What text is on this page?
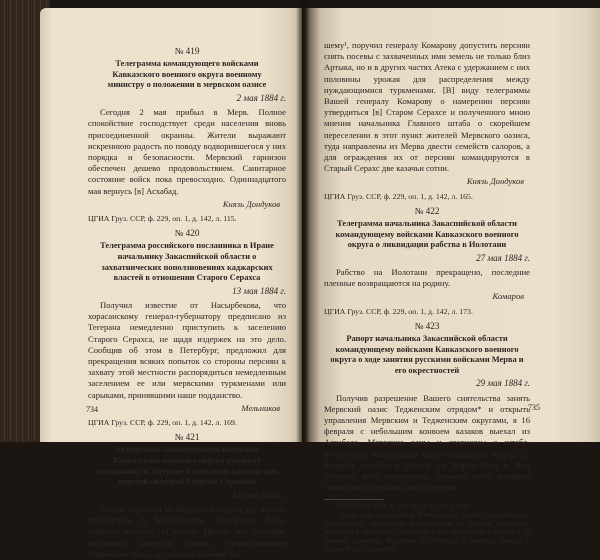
№ 419

Телеграмма командующего войсками Кавказского военного округа военному министру о положении в мервском оазисе

2 мая 1884 г.

Сегодня 2 мая прибыл в Мерв. Полное спокойствие господствует среди населения вновь присоединенной окраины. Жители выражают искреннюю радость по поводу водворившегося у них порядка и безопасности. Мервский гарнизон обеспечен дешево продовольствием. Санитарное состояние войск пока превосходно. Одиннадцатого мая вернусь [в] Асхабад.

Князь Дондуков

ЦГИА Груз. ССР, ф. 229, оп. 1, д. 142, л. 115.

№ 420

Телеграмма российского посланника в Иране начальнику Закаспийской области о захватнических поползновениях каджарских властей в отношении Старого Серахса

13 мая 1884 г.

Получил известие от Насырбекова, что хорасанскому генерал-губернатору предписано из Тегерана немедленно приступить к заселению Старого Серахса, не щадя издержек на это дело. Сообщив об этом в Петербург, предложил для прекращения всяких попыток со стороны персиян к захвату этой местности распорядиться немедленным заселением ее или мервскими туркменами или сарыками, принявшими наше подданство.

Мельников

ЦГИА Груз. ССР, ф. 229, оп. 1, д. 142, л. 169.

№ 421

Телеграмма командующего войсками Кавказского военного округа русскому посланнику в Тегеране о попытках каджарских властей овладеть Старым Серахсом

14 мая 1884 г.

Сейчас вернулся из Мервского округа, где полное спокойствие и безопасность. Телеграмму Вашу девятого получил [в] Каахке. Находя, что персияне незаконно заселили пашни, принадлежащие туркменам Атека, я, согласно мнению Ва-

734

шему¹, поручил генералу Комарову допустить персиян снять посевы с захваченных ими земель не только близ Артыка, но и в других частях Атека с удержанием с них половины урожая для распределения между нуждающимися туркменами. [В] виду телеграммы Вашей генералу Комарову о намерении персиян утвердиться [в] Старом Серахсе и полученного мною мнения начальника Главного штаба о скорейшем переселении в этот пункт жителей Мервского оазиса, туда направлены из Мерва двести семейств салоров, а для ограждения их от персиян командируются в Старый Серахс две казачьи сотни.

Князь Дондуков

ЦГИА Груз. ССР, ф. 229, оп. 1, д. 142, л. 165.

№ 422

Телеграмма начальника Закаспийской области командующему войсками Кавказского военного округа о ликвидации рабства в Иолотани

27 мая 1884 г.

Рабство на Иолотани прекращено, последние пленные возвращаются на родину.

Комаров

ЦГИА Груз. ССР, ф. 229, оп. 1, д. 142, л. 173.

№ 423

Рапорт начальника Закаспийской области командующему войсками Кавказского военного округа о ходе занятия русскими войсками Мерва и его окрестностей

29 мая 1884 г.

Получив разрешение Вашего сиятельства занять Мервский оазис Тедженским отрядом* и открыть управления Мервским и Тедженским округами, я 16 февраля с небольшим конвоем казаков выехал из Асхабада. Мервские ханы и старшины с штабс-ротмистром Алихановым были отправлены вперед. 21 февраля прибыл к отряду на Карры-Бенд и был встречен всем населением, большая часть которого только что собралась для поселения.

¹ ЦГИА Груз. ССР, ф. 229, оп. 1, д. 142, л. 169.

* Отряд под начальством Генерального штаба подполковника Завриевского, принявшего командование по отъезде полковника Мурадова в Петербург, состоял из 4 рот, двух сотен, 4 орудий и 20 человек джигитов. Выступив из Асхабада 4 декабря, прибыл в Карры-Бенд 10 декабря.

735
